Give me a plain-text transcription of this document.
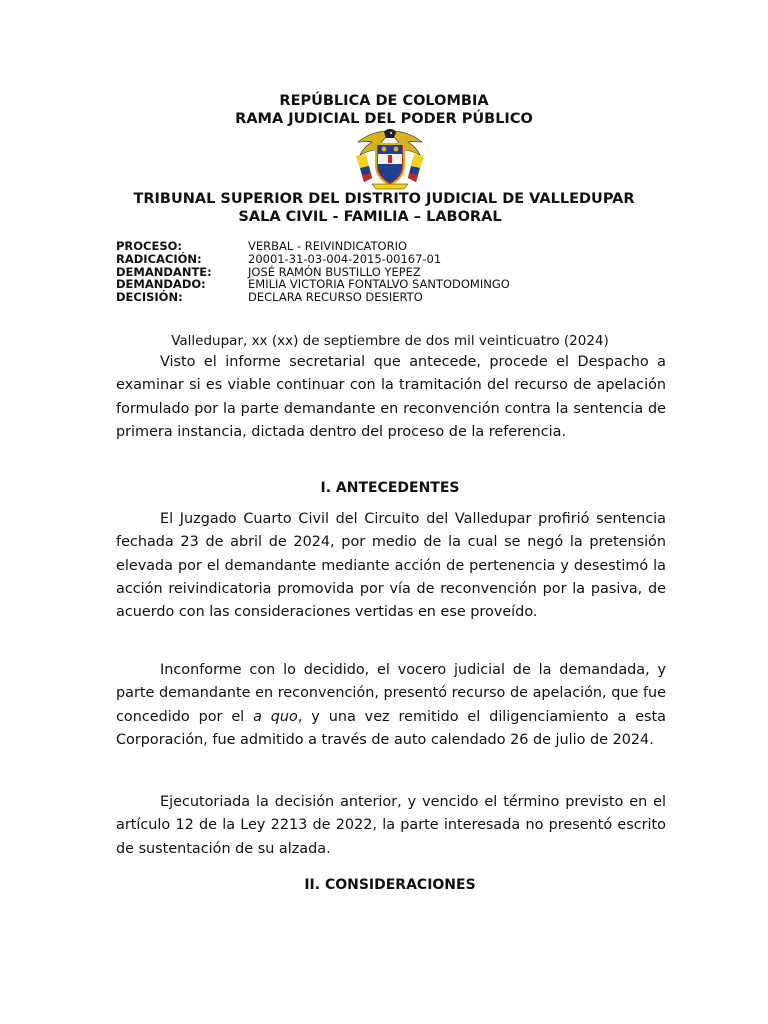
REPÚBLICA DE COLOMBIA
RAMA JUDICIAL DEL PODER PÚBLICO
TRIBUNAL SUPERIOR DEL DISTRITO JUDICIAL DE VALLEDUPAR
SALA CIVIL - FAMILIA – LABORAL
PROCESO:	VERBAL - REIVINDICATORIO
RADICACIÓN:	20001-31-03-004-2015-00167-01
DEMANDANTE:	JOSÉ RAMÓN BUSTILLO YEPEZ
DEMANDADO:	EMILIA VICTORIA FONTALVO SANTODOMINGO
DECISIÓN:	DECLARA RECURSO DESIERTO

Valledupar, xx (xx) de septiembre de dos mil veinticuatro (2024)

Visto el informe secretarial que antecede, procede el Despacho a examinar si es viable continuar con la tramitación del recurso de apelación formulado por la parte demandante en reconvención contra la sentencia de primera instancia, dictada dentro del proceso de la referencia.

I. ANTECEDENTES

El Juzgado Cuarto Civil del Circuito del Valledupar profirió sentencia fechada 23 de abril de 2024, por medio de la cual se negó la pretensión elevada por el demandante mediante acción de pertenencia y desestimó la acción reivindicatoria promovida por vía de reconvención por la pasiva, de acuerdo con las consideraciones vertidas en ese proveído.

Inconforme con lo decidido, el vocero judicial de la demandada, y parte demandante en reconvención, presentó recurso de apelación, que fue concedido por el a quo, y una vez remitido el diligenciamiento a esta Corporación, fue admitido a través de auto calendado 26 de julio de 2024.

Ejecutoriada la decisión anterior, y vencido el término previsto en el artículo 12 de la Ley 2213 de 2022, la parte interesada no presentó escrito de sustentación de su alzada.

II. CONSIDERACIONES
